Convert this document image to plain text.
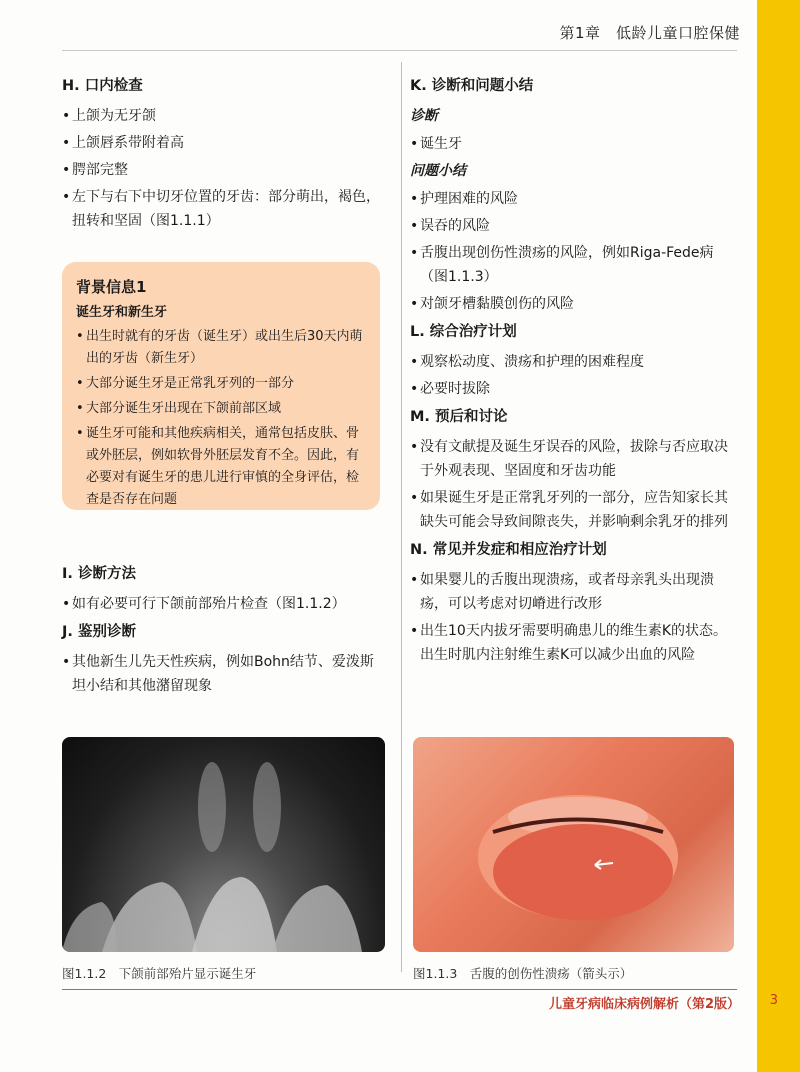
第1章　低龄儿童口腔保健
H. 口内检查
• 上颌为无牙颌
• 上颌唇系带附着高
• 腭部完整
• 左下与右下中切牙位置的牙齿：部分萌出，褐色，扭转和坚固（图1.1.1）
背景信息1
诞生牙和新生牙
• 出生时就有的牙齿（诞生牙）或出生后30天内萌出的牙齿（新生牙）
• 大部分诞生牙是正常乳牙列的一部分
• 大部分诞生牙出现在下颌前部区域
• 诞生牙可能和其他疾病相关，通常包括皮肤、骨或外胚层，例如软骨外胚层发育不全。因此，有必要对有诞生牙的患儿进行审慎的全身评估，检查是否存在问题
I. 诊断方法
• 如有必要可行下颌前部殆片检查（图1.1.2）
J. 鉴别诊断
• 其他新生儿先天性疾病，例如Bohn结节、爱泼斯坦小结和其他潴留现象
K. 诊断和问题小结
诊断
• 诞生牙
问题小结
• 护理困难的风险
• 误吞的风险
• 舌腹出现创伤性溃疡的风险，例如Riga-Fede病（图1.1.3）
• 对颌牙槽黏膜创伤的风险
L. 综合治疗计划
• 观察松动度、溃疡和护理的困难程度
• 必要时拔除
M. 预后和讨论
• 没有文献提及诞生牙误吞的风险，拔除与否应取决于外观表现、坚固度和牙齿功能
• 如果诞生牙是正常乳牙列的一部分，应告知家长其缺失可能会导致间隙丧失，并影响剩余乳牙的排列
N. 常见并发症和相应治疗计划
• 如果婴儿的舌腹出现溃疡，或者母亲乳头出现溃疡，可以考虑对切嵴进行改形
• 出生10天内拔牙需要明确患儿的维生素K的状态。出生时肌内注射维生素K可以减少出血的风险
图1.1.2　下颌前部殆片显示诞生牙	图1.1.3　舌腹的创伤性溃疡（箭头示）
儿童牙病临床病例解析（第2版） 3
